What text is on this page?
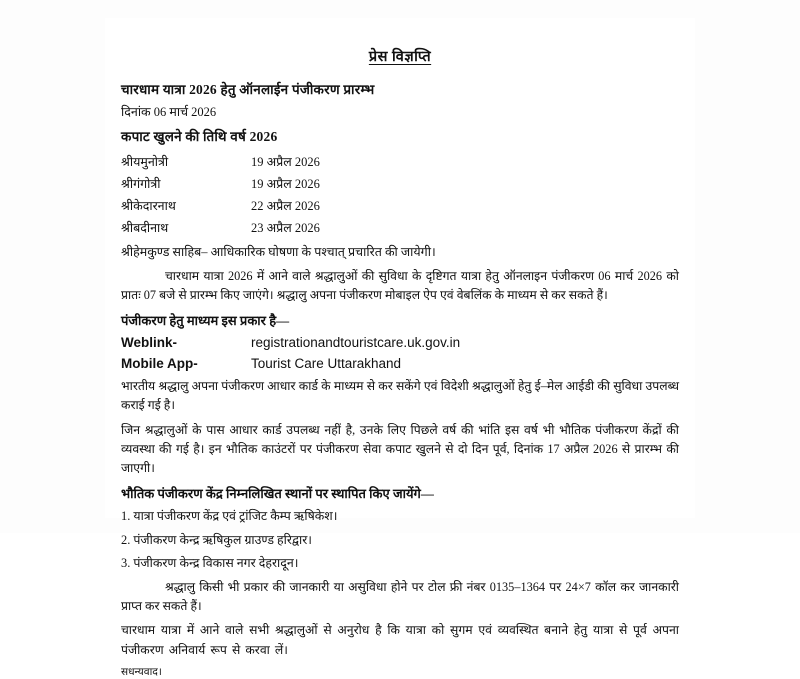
प्रेस विज्ञप्ति
चारधाम यात्रा 2026 हेतु ऑनलाईन पंजीकरण प्रारम्भ
दिनांक 06 मार्च 2026
कपाट खुलने की तिथि वर्ष 2026
श्रीयमुनोत्री	19 अप्रैल 2026
श्रीगंगोत्री	19 अप्रैल 2026
श्रीकेदारनाथ	22 अप्रैल 2026
श्रीबदीनाथ	23 अप्रैल 2026
श्रीहेमकुण्ड साहिब– आधिकारिक घोषणा के पश्चात् प्रचारित की जायेगी।
चारधाम यात्रा 2026 में आने वाले श्रद्धालुओं की सुविधा के दृष्टिगत यात्रा हेतु ऑनलाइन पंजीकरण 06 मार्च 2026 को प्रातः 07 बजे से प्रारम्भ किए जाएंगे। श्रद्धालु अपना पंजीकरण मोबाइल ऐप एवं वेबलिंक के माध्यम से कर सकते हैं।
पंजीकरण हेतु माध्यम इस प्रकार है—
Weblink-	registrationandtouristcare.uk.gov.in
Mobile App-	Tourist Care Uttarakhand
भारतीय श्रद्धालु अपना पंजीकरण आधार कार्ड के माध्यम से कर सकेंगे एवं विदेशी श्रद्धालुओं हेतु ई–मेल आईडी की सुविधा उपलब्ध कराई गई है।
जिन श्रद्धालुओं के पास आधार कार्ड उपलब्ध नहीं है, उनके लिए पिछले वर्ष की भांति इस वर्ष भी भौतिक पंजीकरण केंद्रों की व्यवस्था की गई है। इन भौतिक काउंटरों पर पंजीकरण सेवा कपाट खुलने से दो दिन पूर्व, दिनांक 17 अप्रैल 2026 से प्रारम्भ की जाएगी।
भौतिक पंजीकरण केंद्र निम्नलिखित स्थानों पर स्थापित किए जायेंगे—
1. यात्रा पंजीकरण केंद्र एवं ट्रांजिट कैम्प ऋषिकेश।
2. पंजीकरण केन्द्र ऋषिकुल ग्राउण्ड हरिद्वार।
3. पंजीकरण केन्द्र विकास नगर देहरादून।
श्रद्धालु किसी भी प्रकार की जानकारी या असुविधा होने पर टोल फ्री नंबर 0135–1364 पर 24×7 कॉल कर जानकारी प्राप्त कर सकते हैं।
चारधाम यात्रा में आने वाले सभी श्रद्धालुओं से अनुरोध है कि यात्रा को सुगम एवं व्यवस्थित बनाने हेतु यात्रा से पूर्व अपना पंजीकरण अनिवार्य रूप से करवा लें।
सधन्यवाद।
